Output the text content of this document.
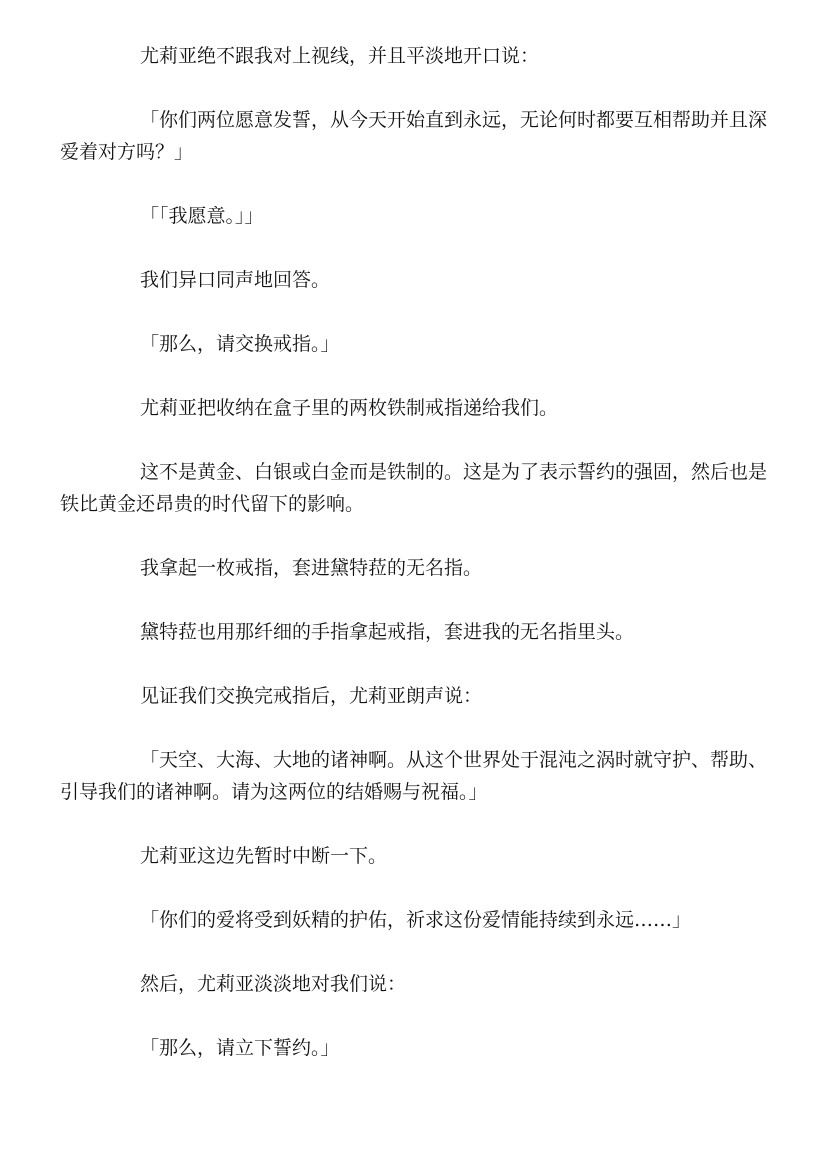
尤莉亚绝不跟我对上视线，并且平淡地开口说：

「你们两位愿意发誓，从今天开始直到永远，无论何时都要互相帮助并且深爱着对方吗？」

「「我愿意。」」

我们异口同声地回答。

「那么，请交换戒指。」

尤莉亚把收纳在盒子里的两枚铁制戒指递给我们。

这不是黄金、白银或白金而是铁制的。这是为了表示誓约的强固，然后也是铁比黄金还昂贵的时代留下的影响。

我拿起一枚戒指，套进黛特菈的无名指。

黛特菈也用那纤细的手指拿起戒指，套进我的无名指里头。

见证我们交换完戒指后，尤莉亚朗声说：

「天空、大海、大地的诸神啊。从这个世界处于混沌之涡时就守护、帮助、引导我们的诸神啊。请为这两位的结婚赐与祝福。」

尤莉亚这边先暂时中断一下。

「你们的爱将受到妖精的护佑，祈求这份爱情能持续到永远……」

然后，尤莉亚淡淡地对我们说：

「那么，请立下誓约。」
